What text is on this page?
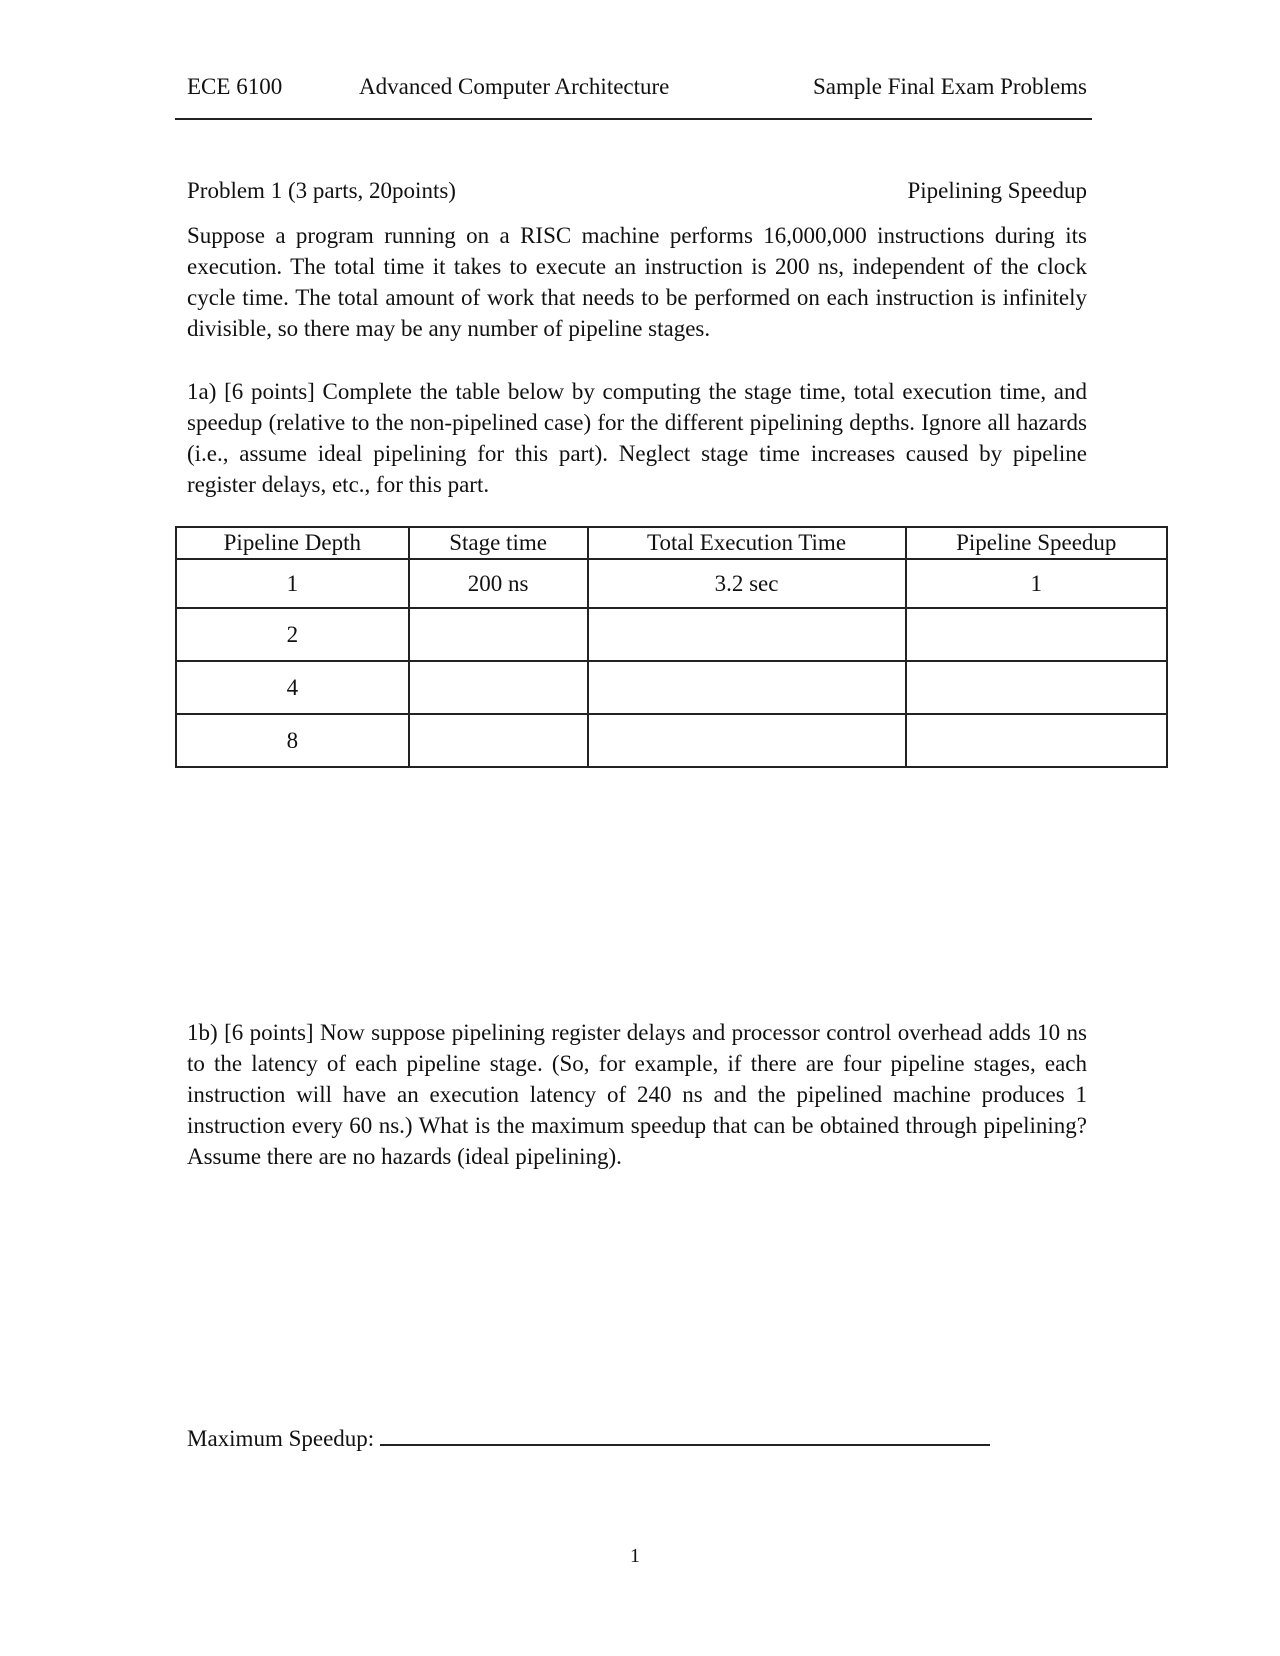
ECE 6100	Advanced Computer Architecture	Sample Final Exam Problems
Problem 1 (3 parts, 20points)	Pipelining Speedup

Suppose a program running on a RISC machine performs 16,000,000 instructions during its execution. The total time it takes to execute an instruction is 200 ns, independent of the clock cycle time. The total amount of work that needs to be performed on each instruction is infinitely divisible, so there may be any number of pipeline stages.

1a) [6 points] Complete the table below by computing the stage time, total execution time, and speedup (relative to the non-pipelined case) for the different pipelining depths. Ignore all hazards (i.e., assume ideal pipelining for this part). Neglect stage time increases caused by pipeline register delays, etc., for this part.

Pipeline Depth	Stage time	Total Execution Time	Pipeline Speedup
1	200 ns	3.2 sec	1
2			
4			
8			

1b) [6 points] Now suppose pipelining register delays and processor control overhead adds 10 ns to the latency of each pipeline stage. (So, for example, if there are four pipeline stages, each instruction will have an execution latency of 240 ns and the pipelined machine produces 1 instruction every 60 ns.) What is the maximum speedup that can be obtained through pipelining? Assume there are no hazards (ideal pipelining).

Maximum Speedup:
1
